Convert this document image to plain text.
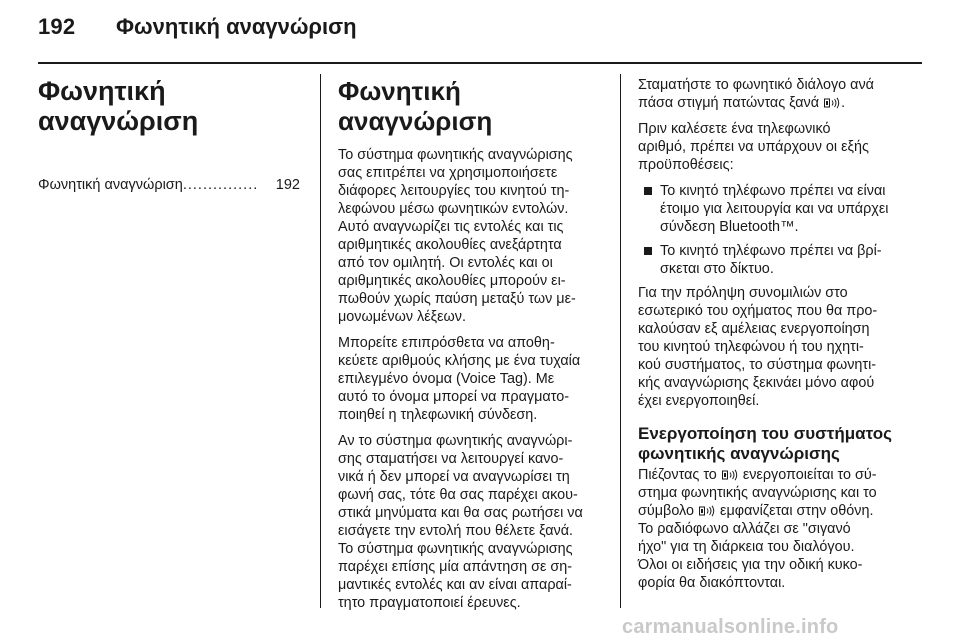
192 Φωνητική αναγνώριση
Φωνητική
αναγνώριση
Φωνητική αναγνώριση ...............	192
Φωνητική αναγνώριση

Το σύστημα φωνητικής αναγνώρισης
σας επιτρέπει να χρησιμοποιήσετε
διάφορες λειτουργίες του κινητού τη-
λεφώνου μέσω φωνητικών εντολών.
Αυτό αναγνωρίζει τις εντολές και τις
αριθμητικές ακολουθίες ανεξάρτητα
από τον ομιλητή. Οι εντολές και οι
αριθμητικές ακολουθίες μπορούν ει-
πωθούν χωρίς παύση μεταξύ των με-
μονωμένων λέξεων.

Μπορείτε επιπρόσθετα να αποθη-
κεύετε αριθμούς κλήσης με ένα τυχαία
επιλεγμένο όνομα (Voice Tag). Με
αυτό το όνομα μπορεί να πραγματο-
ποιηθεί η τηλεφωνική σύνδεση.

Αν το σύστημα φωνητικής αναγνώρι-
σης σταματήσει να λειτουργεί κανο-
νικά ή δεν μπορεί να αναγνωρίσει τη
φωνή σας, τότε θα σας παρέχει ακου-
στικά μηνύματα και θα σας ρωτήσει να
εισάγετε την εντολή που θέλετε ξανά.
Το σύστημα φωνητικής αναγνώρισης
παρέχει επίσης μία απάντηση σε ση-
μαντικές εντολές και αν είναι απαραί-
τητο πραγματοποιεί έρευνες.

Σταματήστε το φωνητικό διάλογο ανά
πάσα στιγμή πατώντας ξανά .

Πριν καλέσετε ένα τηλεφωνικό
αριθμό, πρέπει να υπάρχουν οι εξής
προϋποθέσεις:

Το κινητό τηλέφωνο πρέπει να είναι
έτοιμο για λειτουργία και να υπάρχει
σύνδεση Bluetooth™.
Το κινητό τηλέφωνο πρέπει να βρί-
σκεται στο δίκτυο.

Για την πρόληψη συνομιλιών στο
εσωτερικό του οχήματος που θα προ-
καλούσαν εξ αμέλειας ενεργοποίηση
του κινητού τηλεφώνου ή του ηχητι-
κού συστήματος, το σύστημα φωνητι-
κής αναγνώρισης ξεκινάει μόνο αφού
έχει ενεργοποιηθεί.

Ενεργοποίηση του συστήματος
φωνητικής αναγνώρισης

Πιέζοντας το ενεργοποιείται το σύ-
στημα φωνητικής αναγνώρισης και το
σύμβολο εμφανίζεται στην οθόνη.
Το ραδιόφωνο αλλάζει σε "σιγανό
ήχο" για τη διάρκεια του διαλόγου.
Όλοι οι ειδήσεις για την οδική κυκο-
φορία θα διακόπτονται.

carmanualsonline.info
